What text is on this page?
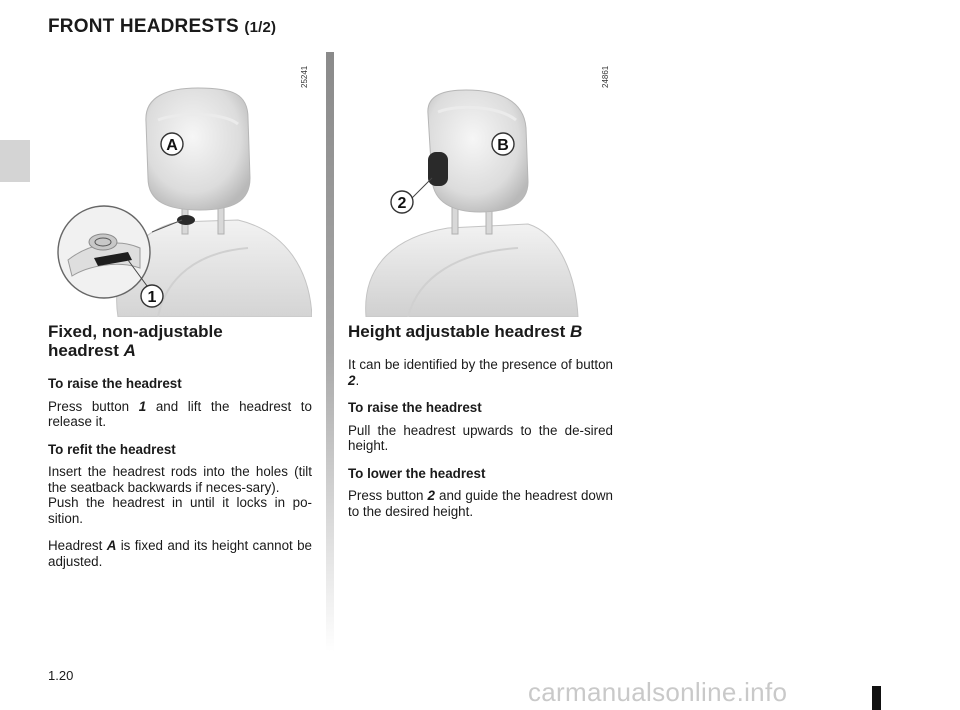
FRONT HEADRESTS (1/2)
A
1
25241
B
2
24861
Fixed, non-adjustable
headrest A

To raise the headrest

Press button 1 and lift the headrest to release it.

To refit the headrest

Insert the headrest rods into the holes (tilt the seatback backwards if neces-sary).

Push the headrest in until it locks in po-sition.

Headrest A is fixed and its height cannot be adjusted.

Height adjustable headrest B

It can be identified by the presence of button 2.

To raise the headrest

Pull the headrest upwards to the de-sired height.

To lower the headrest

Press button 2 and guide the headrest down to the desired height.

1.20
carmanualsonline.info
